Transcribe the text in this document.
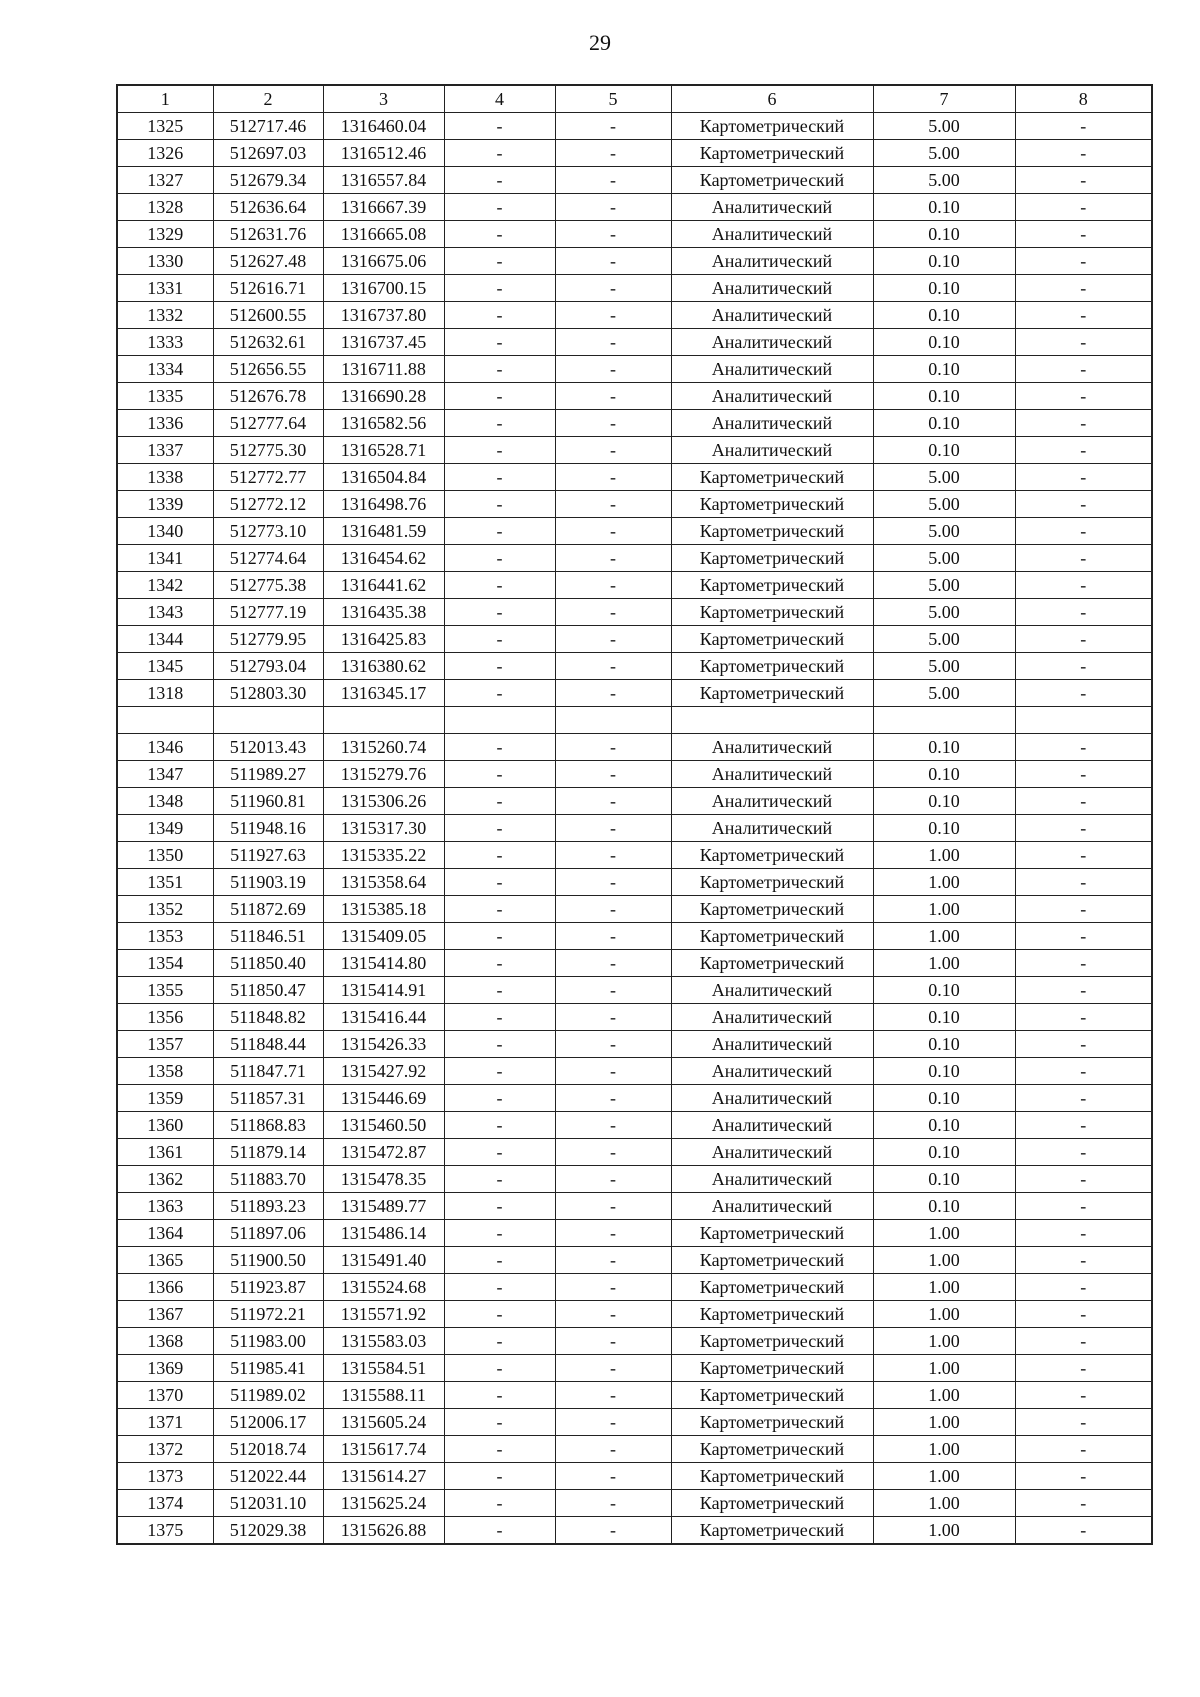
29
1	2	3	4	5	6	7	8
1325	512717.46	1316460.04	-	-	Картометрический	5.00	-
1326	512697.03	1316512.46	-	-	Картометрический	5.00	-
1327	512679.34	1316557.84	-	-	Картометрический	5.00	-
1328	512636.64	1316667.39	-	-	Аналитический	0.10	-
1329	512631.76	1316665.08	-	-	Аналитический	0.10	-
1330	512627.48	1316675.06	-	-	Аналитический	0.10	-
1331	512616.71	1316700.15	-	-	Аналитический	0.10	-
1332	512600.55	1316737.80	-	-	Аналитический	0.10	-
1333	512632.61	1316737.45	-	-	Аналитический	0.10	-
1334	512656.55	1316711.88	-	-	Аналитический	0.10	-
1335	512676.78	1316690.28	-	-	Аналитический	0.10	-
1336	512777.64	1316582.56	-	-	Аналитический	0.10	-
1337	512775.30	1316528.71	-	-	Аналитический	0.10	-
1338	512772.77	1316504.84	-	-	Картометрический	5.00	-
1339	512772.12	1316498.76	-	-	Картометрический	5.00	-
1340	512773.10	1316481.59	-	-	Картометрический	5.00	-
1341	512774.64	1316454.62	-	-	Картометрический	5.00	-
1342	512775.38	1316441.62	-	-	Картометрический	5.00	-
1343	512777.19	1316435.38	-	-	Картометрический	5.00	-
1344	512779.95	1316425.83	-	-	Картометрический	5.00	-
1345	512793.04	1316380.62	-	-	Картометрический	5.00	-
1318	512803.30	1316345.17	-	-	Картометрический	5.00	-

1346	512013.43	1315260.74	-	-	Аналитический	0.10	-
1347	511989.27	1315279.76	-	-	Аналитический	0.10	-
1348	511960.81	1315306.26	-	-	Аналитический	0.10	-
1349	511948.16	1315317.30	-	-	Аналитический	0.10	-
1350	511927.63	1315335.22	-	-	Картометрический	1.00	-
1351	511903.19	1315358.64	-	-	Картометрический	1.00	-
1352	511872.69	1315385.18	-	-	Картометрический	1.00	-
1353	511846.51	1315409.05	-	-	Картометрический	1.00	-
1354	511850.40	1315414.80	-	-	Картометрический	1.00	-
1355	511850.47	1315414.91	-	-	Аналитический	0.10	-
1356	511848.82	1315416.44	-	-	Аналитический	0.10	-
1357	511848.44	1315426.33	-	-	Аналитический	0.10	-
1358	511847.71	1315427.92	-	-	Аналитический	0.10	-
1359	511857.31	1315446.69	-	-	Аналитический	0.10	-
1360	511868.83	1315460.50	-	-	Аналитический	0.10	-
1361	511879.14	1315472.87	-	-	Аналитический	0.10	-
1362	511883.70	1315478.35	-	-	Аналитический	0.10	-
1363	511893.23	1315489.77	-	-	Аналитический	0.10	-
1364	511897.06	1315486.14	-	-	Картометрический	1.00	-
1365	511900.50	1315491.40	-	-	Картометрический	1.00	-
1366	511923.87	1315524.68	-	-	Картометрический	1.00	-
1367	511972.21	1315571.92	-	-	Картометрический	1.00	-
1368	511983.00	1315583.03	-	-	Картометрический	1.00	-
1369	511985.41	1315584.51	-	-	Картометрический	1.00	-
1370	511989.02	1315588.11	-	-	Картометрический	1.00	-
1371	512006.17	1315605.24	-	-	Картометрический	1.00	-
1372	512018.74	1315617.74	-	-	Картометрический	1.00	-
1373	512022.44	1315614.27	-	-	Картометрический	1.00	-
1374	512031.10	1315625.24	-	-	Картометрический	1.00	-
1375	512029.38	1315626.88	-	-	Картометрический	1.00	-
